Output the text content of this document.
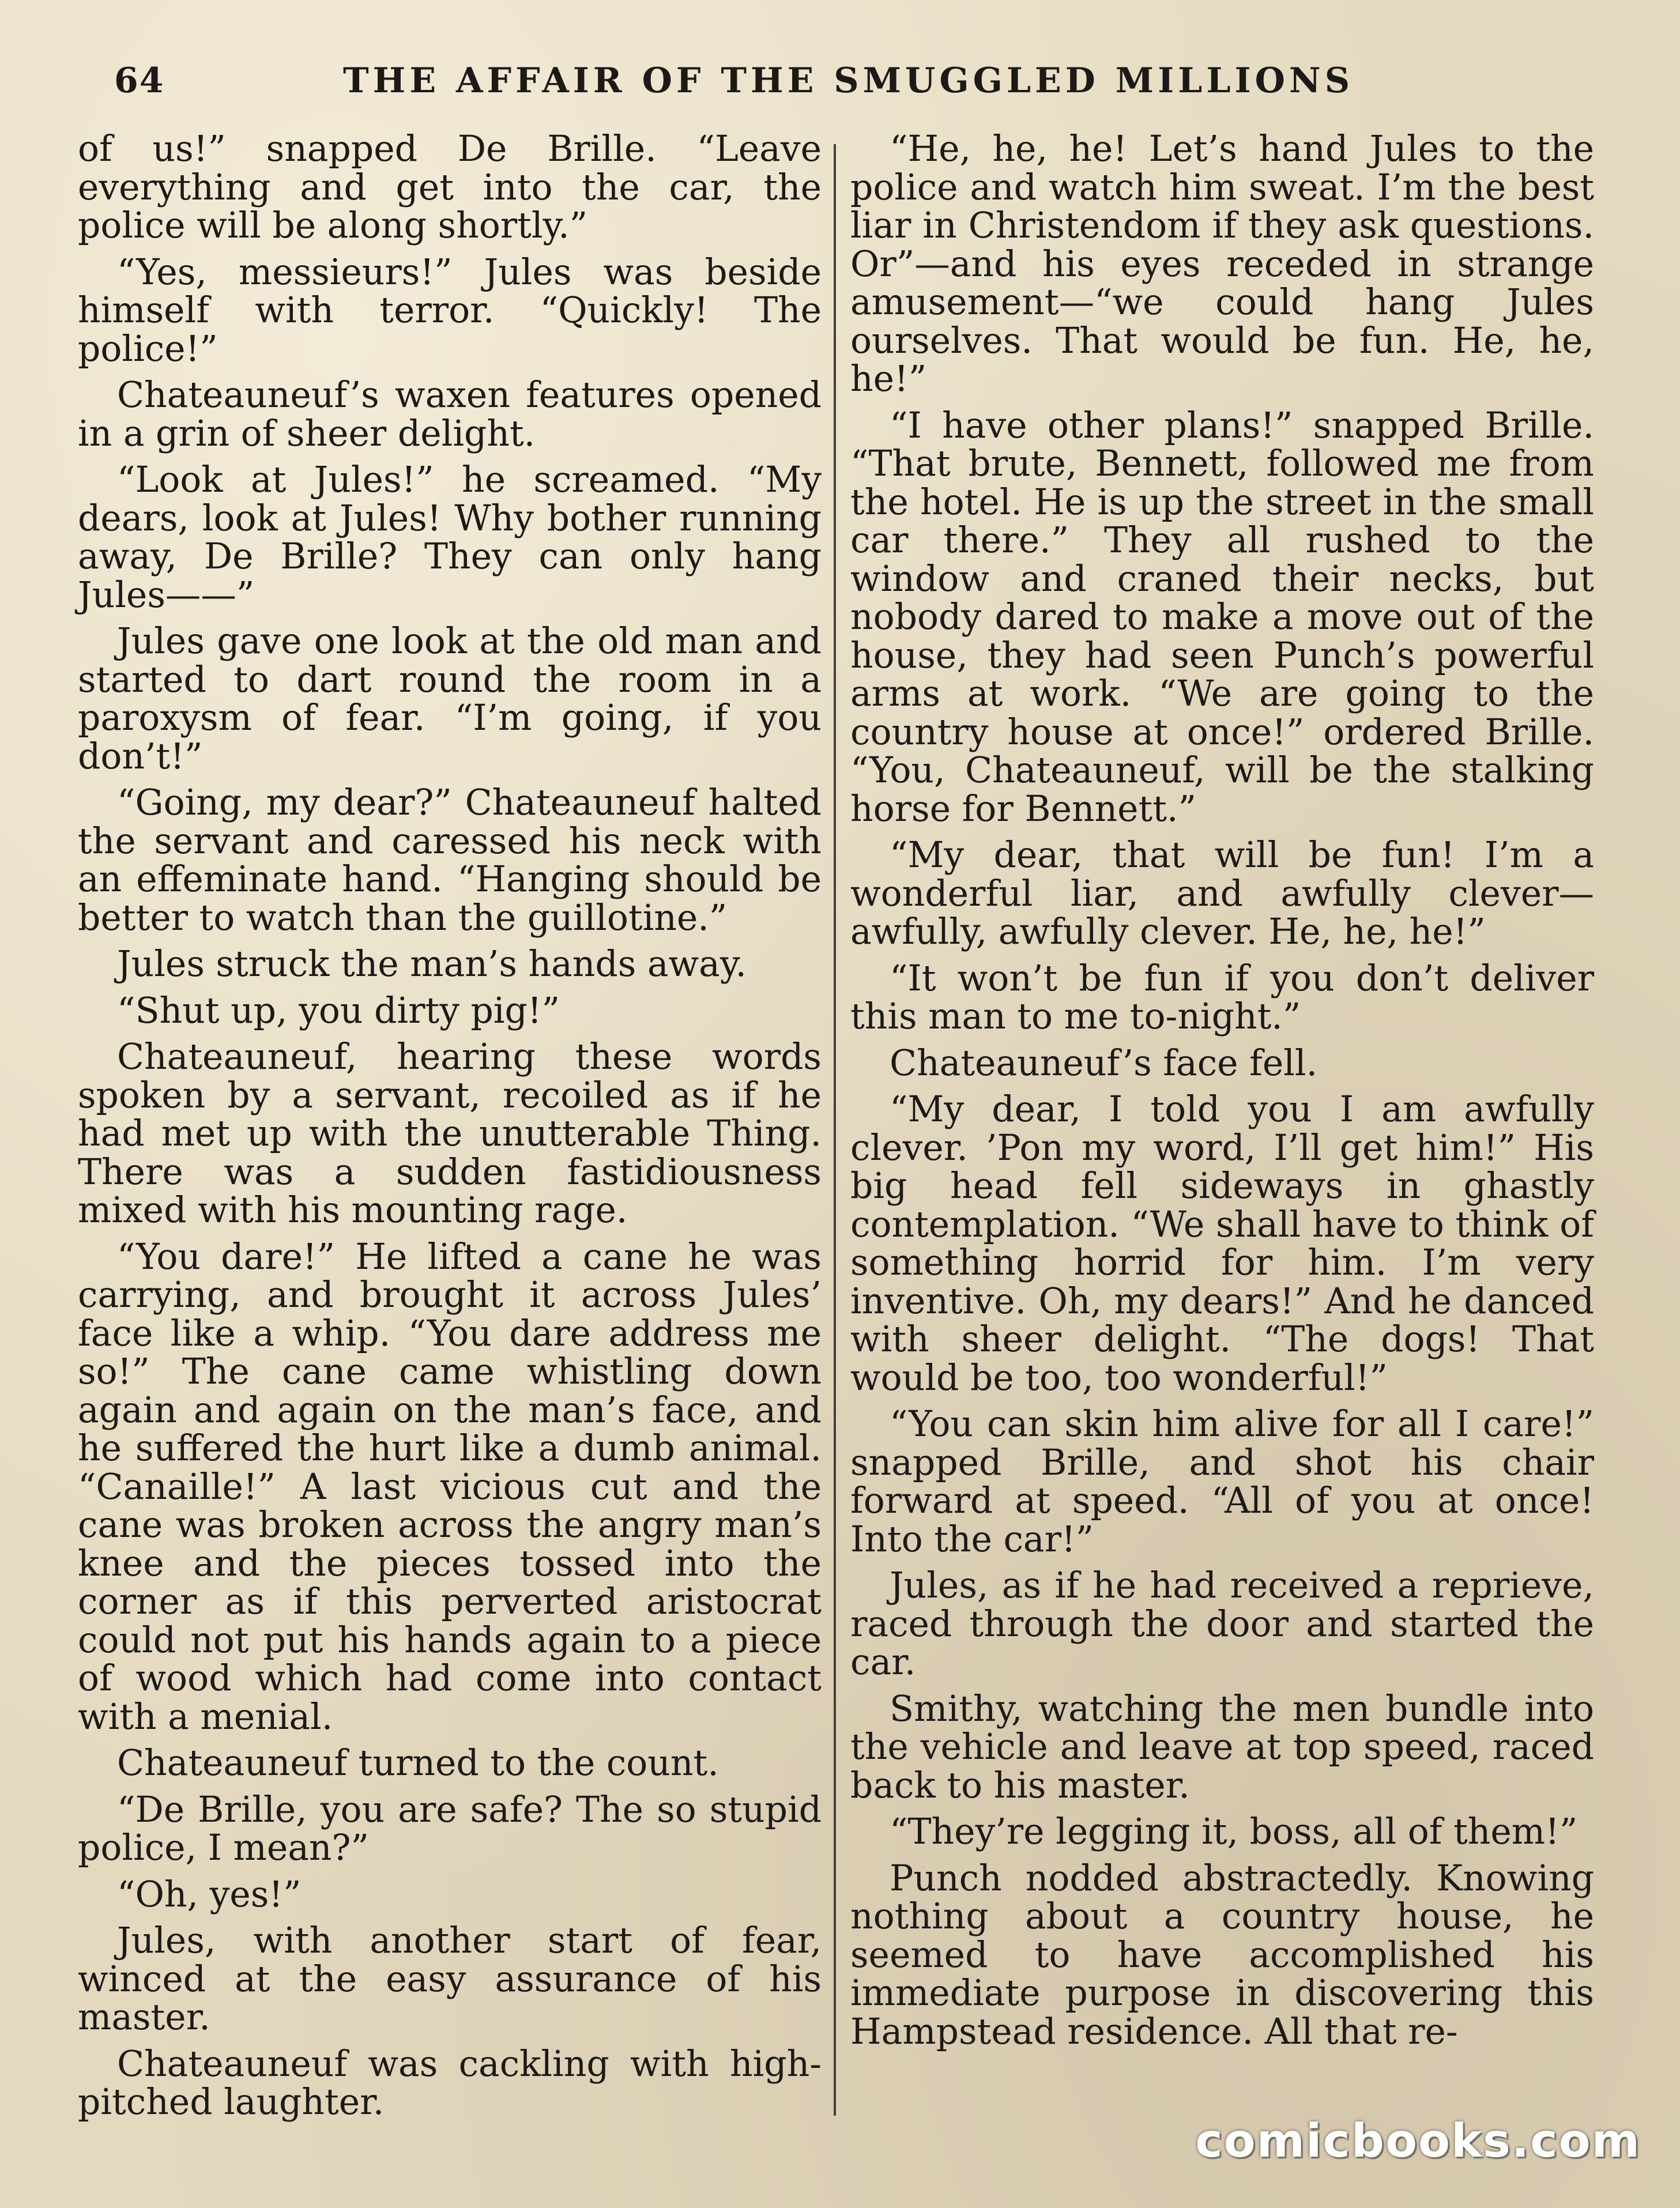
64	THE AFFAIR OF THE SMUGGLED MILLIONS

of us!” snapped De Brille. “Leave everything and get into the car, the police will be along shortly.”

“Yes, messieurs!” Jules was beside himself with terror. “Quickly! The police!”

Chateauneuf’s waxen features opened in a grin of sheer delight.

“Look at Jules!” he screamed. “My dears, look at Jules! Why bother running away, De Brille? They can only hang Jules——”

Jules gave one look at the old man and started to dart round the room in a paroxysm of fear. “I’m going, if you don’t!”

“Going, my dear?” Chateauneuf halted the servant and caressed his neck with an effeminate hand. “Hanging should be better to watch than the guillotine.”

Jules struck the man’s hands away.

“Shut up, you dirty pig!”

Chateauneuf, hearing these words spoken by a servant, recoiled as if he had met up with the unutterable Thing. There was a sudden fastidiousness mixed with his mounting rage.

“You dare!” He lifted a cane he was carrying, and brought it across Jules’ face like a whip. “You dare address me so!” The cane came whistling down again and again on the man’s face, and he suffered the hurt like a dumb animal. “Canaille!” A last vicious cut and the cane was broken across the angry man’s knee and the pieces tossed into the corner as if this perverted aristocrat could not put his hands again to a piece of wood which had come into contact with a menial.

Chateauneuf turned to the count.

“De Brille, you are safe? The so stupid police, I mean?”

“Oh, yes!”

Jules, with another start of fear, winced at the easy assurance of his master.

Chateauneuf was cackling with high-pitched laughter.

“He, he, he! Let’s hand Jules to the police and watch him sweat. I’m the best liar in Christendom if they ask questions. Or”—and his eyes receded in strange amusement—“we could hang Jules ourselves. That would be fun. He, he, he!”

“I have other plans!” snapped Brille. “That brute, Bennett, followed me from the hotel. He is up the street in the small car there.” They all rushed to the window and craned their necks, but nobody dared to make a move out of the house, they had seen Punch’s powerful arms at work. “We are going to the country house at once!” ordered Brille. “You, Chateauneuf, will be the stalking horse for Bennett.”

“My dear, that will be fun! I’m a wonderful liar, and awfully clever—awfully, awfully clever. He, he, he!”

“It won’t be fun if you don’t deliver this man to me to-night.”

Chateauneuf’s face fell.

“My dear, I told you I am awfully clever. ’Pon my word, I’ll get him!” His big head fell sideways in ghastly contemplation. “We shall have to think of something horrid for him. I’m very inventive. Oh, my dears!” And he danced with sheer delight. “The dogs! That would be too, too wonderful!”

“You can skin him alive for all I care!” snapped Brille, and shot his chair forward at speed. “All of you at once! Into the car!”

Jules, as if he had received a reprieve, raced through the door and started the car.

Smithy, watching the men bundle into the vehicle and leave at top speed, raced back to his master.

“They’re legging it, boss, all of them!”

Punch nodded abstractedly. Knowing nothing about a country house, he seemed to have accomplished his immediate purpose in discovering this Hampstead residence. All that re-

comicbooks.com
